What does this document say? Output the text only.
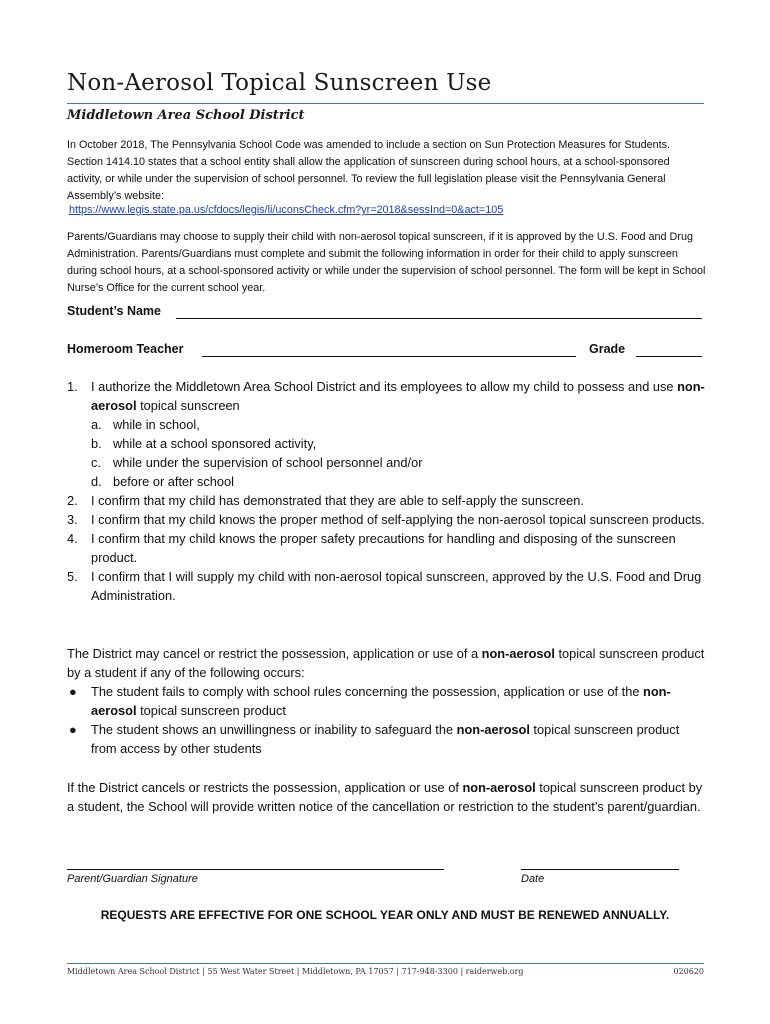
Non-Aerosol Topical Sunscreen Use
Middletown Area School District

In October 2018, The Pennsylvania School Code was amended to include a section on Sun Protection Measures for Students. Section 1414.10 states that a school entity shall allow the application of sunscreen during school hours, at a school-sponsored activity, or while under the supervision of school personnel. To review the full legislation please visit the Pennsylvania General Assembly’s website:

https://www.legis.state.pa.us/cfdocs/legis/li/uconsCheck.cfm?yr=2018&sessInd=0&act=105

Parents/Guardians may choose to supply their child with non-aerosol topical sunscreen, if it is approved by the U.S. Food and Drug Administration. Parents/Guardians must complete and submit the following information in order for their child to apply sunscreen during school hours, at a school-sponsored activity or while under the supervision of school personnel. The form will be kept in School Nurse’s Office for the current school year.

Student’s Name
Homeroom Teacher	Grade
1. I authorize the Middletown Area School District and its employees to allow my child to possess and use non-aerosol topical sunscreen
a. while in school,
b. while at a school sponsored activity,
c. while under the supervision of school personnel and/or
d. before or after school
2. I confirm that my child has demonstrated that they are able to self-apply the sunscreen.
3. I confirm that my child knows the proper method of self-applying the non-aerosol topical sunscreen products.
4. I confirm that my child knows the proper safety precautions for handling and disposing of the sunscreen product.
5. I confirm that I will supply my child with non-aerosol topical sunscreen, approved by the U.S. Food and Drug Administration.

The District may cancel or restrict the possession, application or use of a non-aerosol topical sunscreen product by a student if any of the following occurs:

● The student fails to comply with school rules concerning the possession, application or use of the non-aerosol topical sunscreen product
● The student shows an unwillingness or inability to safeguard the non-aerosol topical sunscreen product from access by other students

If the District cancels or restricts the possession, application or use of non-aerosol topical sunscreen product by a student, the School will provide written notice of the cancellation or restriction to the student’s parent/guardian.

Parent/Guardian Signature	Date
REQUESTS ARE EFFECTIVE FOR ONE SCHOOL YEAR ONLY AND MUST BE RENEWED ANNUALLY.
Middletown Area School District | 55 West Water Street | Middletown, PA 17057 | 717-948-3300 | raiderweb.org	020620
